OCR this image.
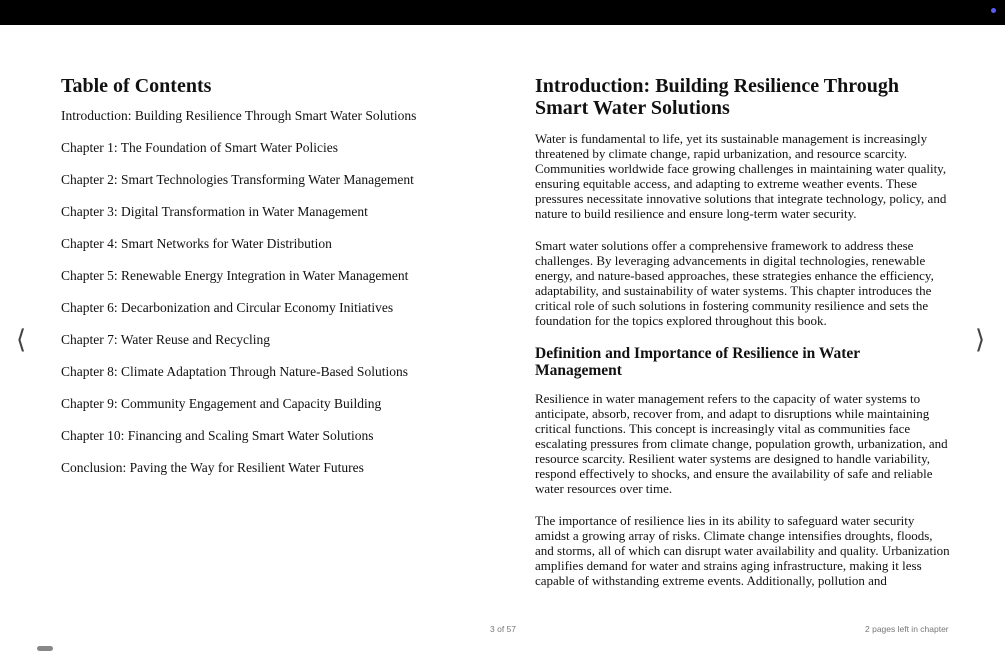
Table of Contents
Introduction: Building Resilience Through Smart Water Solutions
Chapter 1: The Foundation of Smart Water Policies
Chapter 2: Smart Technologies Transforming Water Management
Chapter 3: Digital Transformation in Water Management
Chapter 4: Smart Networks for Water Distribution
Chapter 5: Renewable Energy Integration in Water Management
Chapter 6: Decarbonization and Circular Economy Initiatives
Chapter 7: Water Reuse and Recycling
Chapter 8: Climate Adaptation Through Nature-Based Solutions
Chapter 9: Community Engagement and Capacity Building
Chapter 10: Financing and Scaling Smart Water Solutions
Conclusion: Paving the Way for Resilient Water Futures
Introduction: Building Resilience Through Smart Water Solutions

Water is fundamental to life, yet its sustainable management is increasingly threatened by climate change, rapid urbanization, and resource scarcity. Communities worldwide face growing challenges in maintaining water quality, ensuring equitable access, and adapting to extreme weather events. These pressures necessitate innovative solutions that integrate technology, policy, and nature to build resilience and ensure long-term water security.

Smart water solutions offer a comprehensive framework to address these challenges. By leveraging advancements in digital technologies, renewable energy, and nature-based approaches, these strategies enhance the efficiency, adaptability, and sustainability of water systems. This chapter introduces the critical role of such solutions in fostering community resilience and sets the foundation for the topics explored throughout this book.

Definition and Importance of Resilience in Water Management

Resilience in water management refers to the capacity of water systems to anticipate, absorb, recover from, and adapt to disruptions while maintaining critical functions. This concept is increasingly vital as communities face escalating pressures from climate change, population growth, urbanization, and resource scarcity. Resilient water systems are designed to handle variability, respond effectively to shocks, and ensure the availability of safe and reliable water resources over time.

The importance of resilience lies in its ability to safeguard water security amidst a growing array of risks. Climate change intensifies droughts, floods, and storms, all of which can disrupt water availability and quality. Urbanization amplifies demand for water and strains aging infrastructure, making it less capable of withstanding extreme events. Additionally, pollution and

⟨	⟩
3 of 57	2 pages left in chapter
